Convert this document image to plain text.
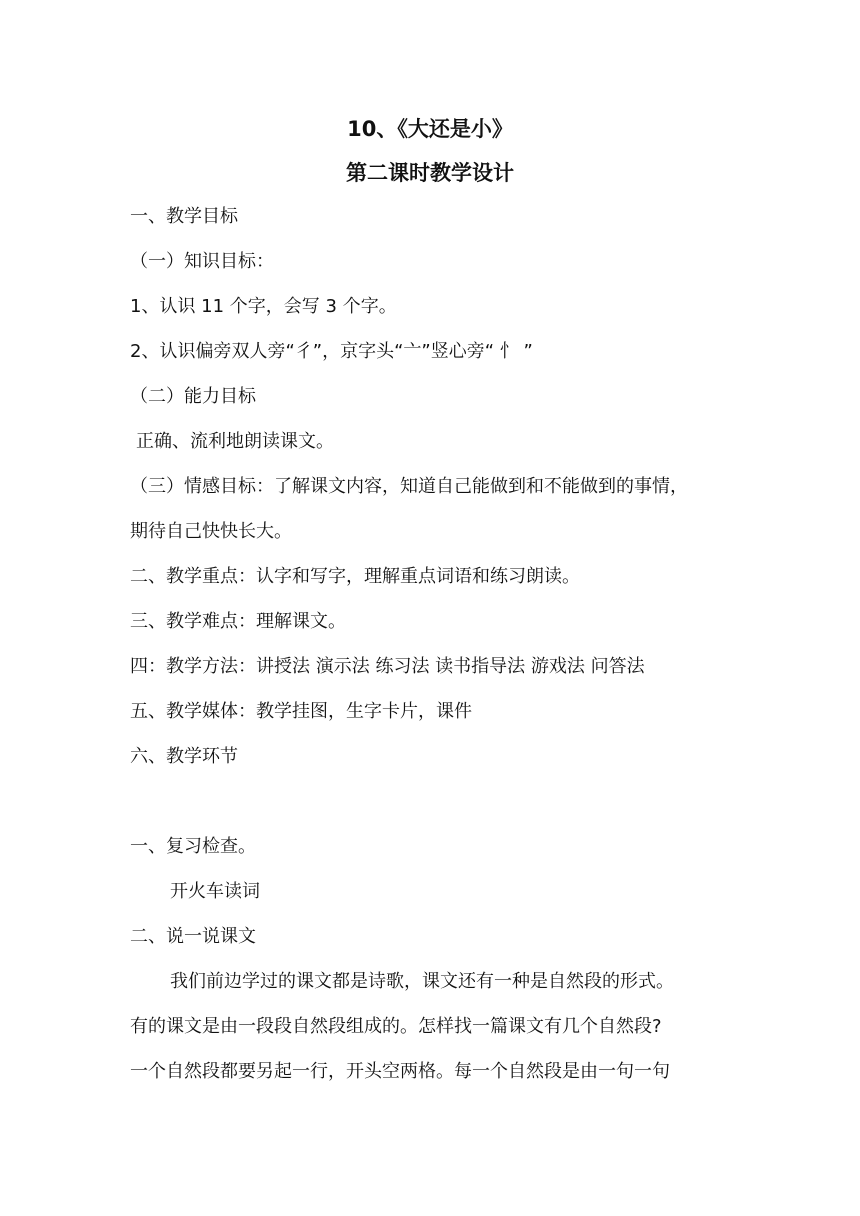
10、《大还是小》
第二课时教学设计

一、教学目标

（一）知识目标：

1、认识 11 个字，会写 3 个字。

2、认识偏旁双人旁“彳”，京字头“亠”竖心旁“ 忄 ”

（二）能力目标

正确、流利地朗读课文。

（三）情感目标：了解课文内容，知道自己能做到和不能做到的事情，

期待自己快快长大。

二、教学重点：认字和写字，理解重点词语和练习朗读。

三、教学难点：理解课文。

四：教学方法：讲授法 演示法 练习法 读书指导法 游戏法 问答法

五、教学媒体：教学挂图，生字卡片，课件

六、教学环节

一、复习检查。

开火车读词

二、说一说课文

我们前边学过的课文都是诗歌，课文还有一种是自然段的形式。

有的课文是由一段段自然段组成的。怎样找一篇课文有几个自然段?

一个自然段都要另起一行，开头空两格。每一个自然段是由一句一句
